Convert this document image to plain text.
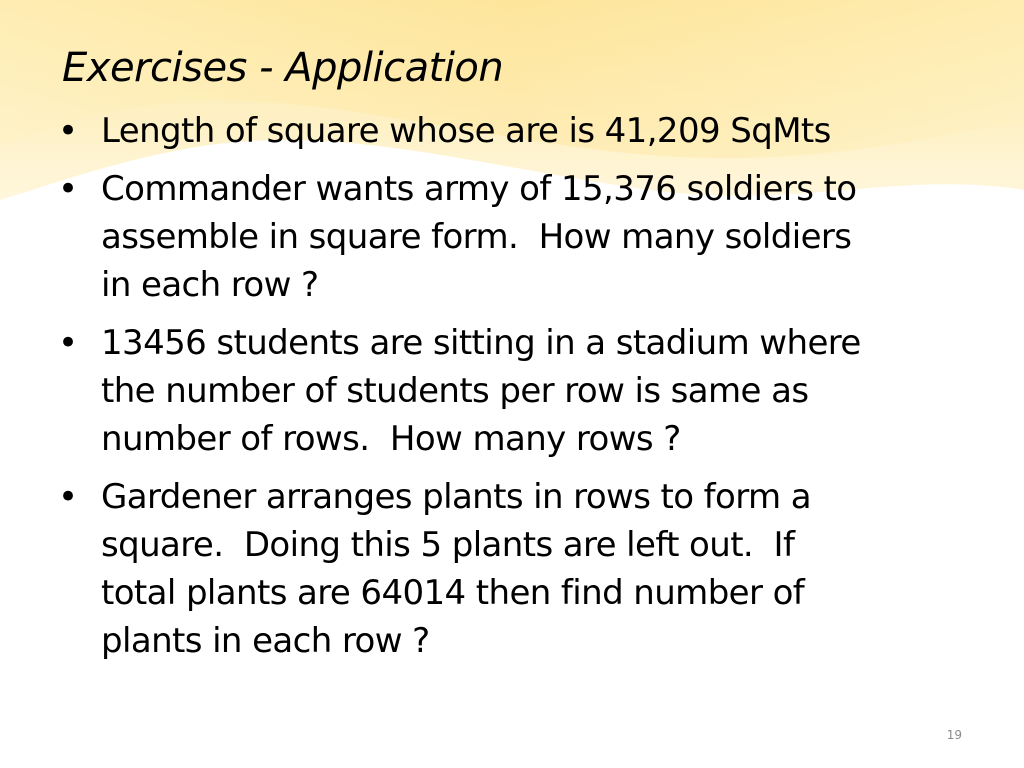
Exercises - Application
• Length of square whose are is 41,209 SqMts
• Commander wants army of 15,376 soldiers to
assemble in square form.  How many soldiers
in each row ?
• 13456 students are sitting in a stadium where
the number of students per row is same as
number of rows.  How many rows ?
• Gardener arranges plants in rows to form a
square.  Doing this 5 plants are left out.  If
total plants are 64014 then find number of
plants in each row ?
19
